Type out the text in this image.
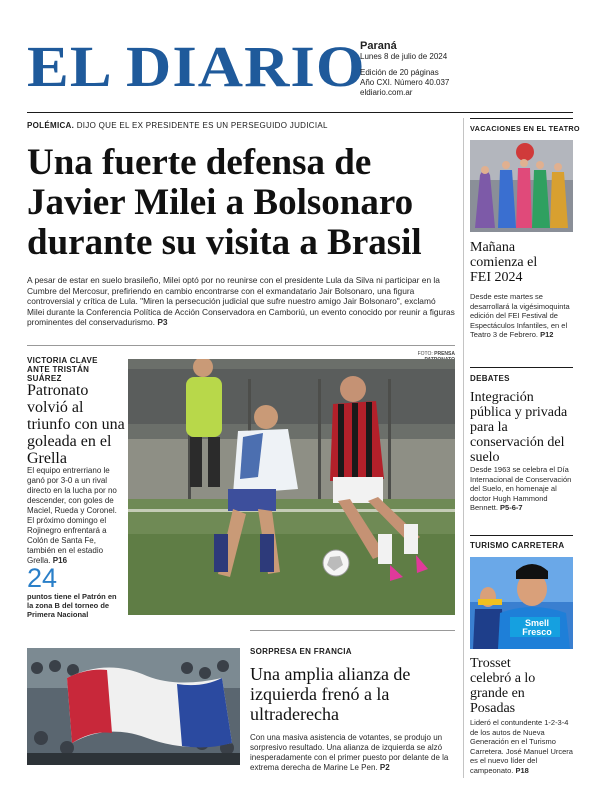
EL DIARIO
Paraná
Lunes 8 de julio de 2024
Edición de 20 páginas
Año CXI. Número 40.037
eldiario.com.ar
POLÉMICA. DIJO QUE EL EX PRESIDENTE ES UN PERSEGUIDO JUDICIAL
Una fuerte defensa de Javier Milei a Bolsonaro durante su visita a Brasil
A pesar de estar en suelo brasileño, Milei optó por no reunirse con el presidente Lula da Silva ni participar en la Cumbre del Mercosur, prefiriendo en cambio encontrarse con el exmandatario Jair Bolsonaro, una figura controversial y crítica de Lula. "Miren la persecución judicial que sufre nuestro amigo Jair Bolsonaro", exclamó Milei durante la Conferencia Política de Acción Conservadora en Camboriú, un evento conocido por reunir a figuras prominentes del conservadurismo. P3
VICTORIA CLAVE ANTE TRISTÁN SUÁREZ
Patronato volvió al triunfo con una goleada en el Grella
El equipo entrerriano le ganó por 3-0 a un rival directo en la lucha por no descender, con goles de Maciel, Rueda y Coronel. El próximo domingo el Rojinegro enfrentará a Colón de Santa Fe, también en el estadio Grella. P16
24
puntos tiene el Patrón en la zona B del torneo de Primera Nacional
FOTO: PRENSA
SORPRESA EN FRANCIA
Una amplia alianza de izquierda frenó a la ultraderecha
Con una masiva asistencia de votantes, se produjo un sorpresivo resultado. Una alianza de izquierda se alzó inesperadamente con el primer puesto por delante de la extrema derecha de Marine Le Pen. P2
VACACIONES EN EL TEATRO
Mañana comienza el FEI 2024
Desde este martes se desarrollará la vigésimoquinta edición del FEI Festival de Espectáculos Infantiles, en el Teatro 3 de Febrero. P12
DEBATES
Integración pública y privada para la conservación del suelo
Desde 1963 se celebra el Día Internacional de Conservación del Suelo, en homenaje al doctor Hugh Hammond Bennett. P5-6-7
TURISMO CARRETERA
Smell Fresco
Trosset celebró a lo grande en Posadas
Lideró el contundente 1-2-3-4 de los autos de Nueva Generación en el Turismo Carretera. José Manuel Urcera es el nuevo líder del campeonato. P18
